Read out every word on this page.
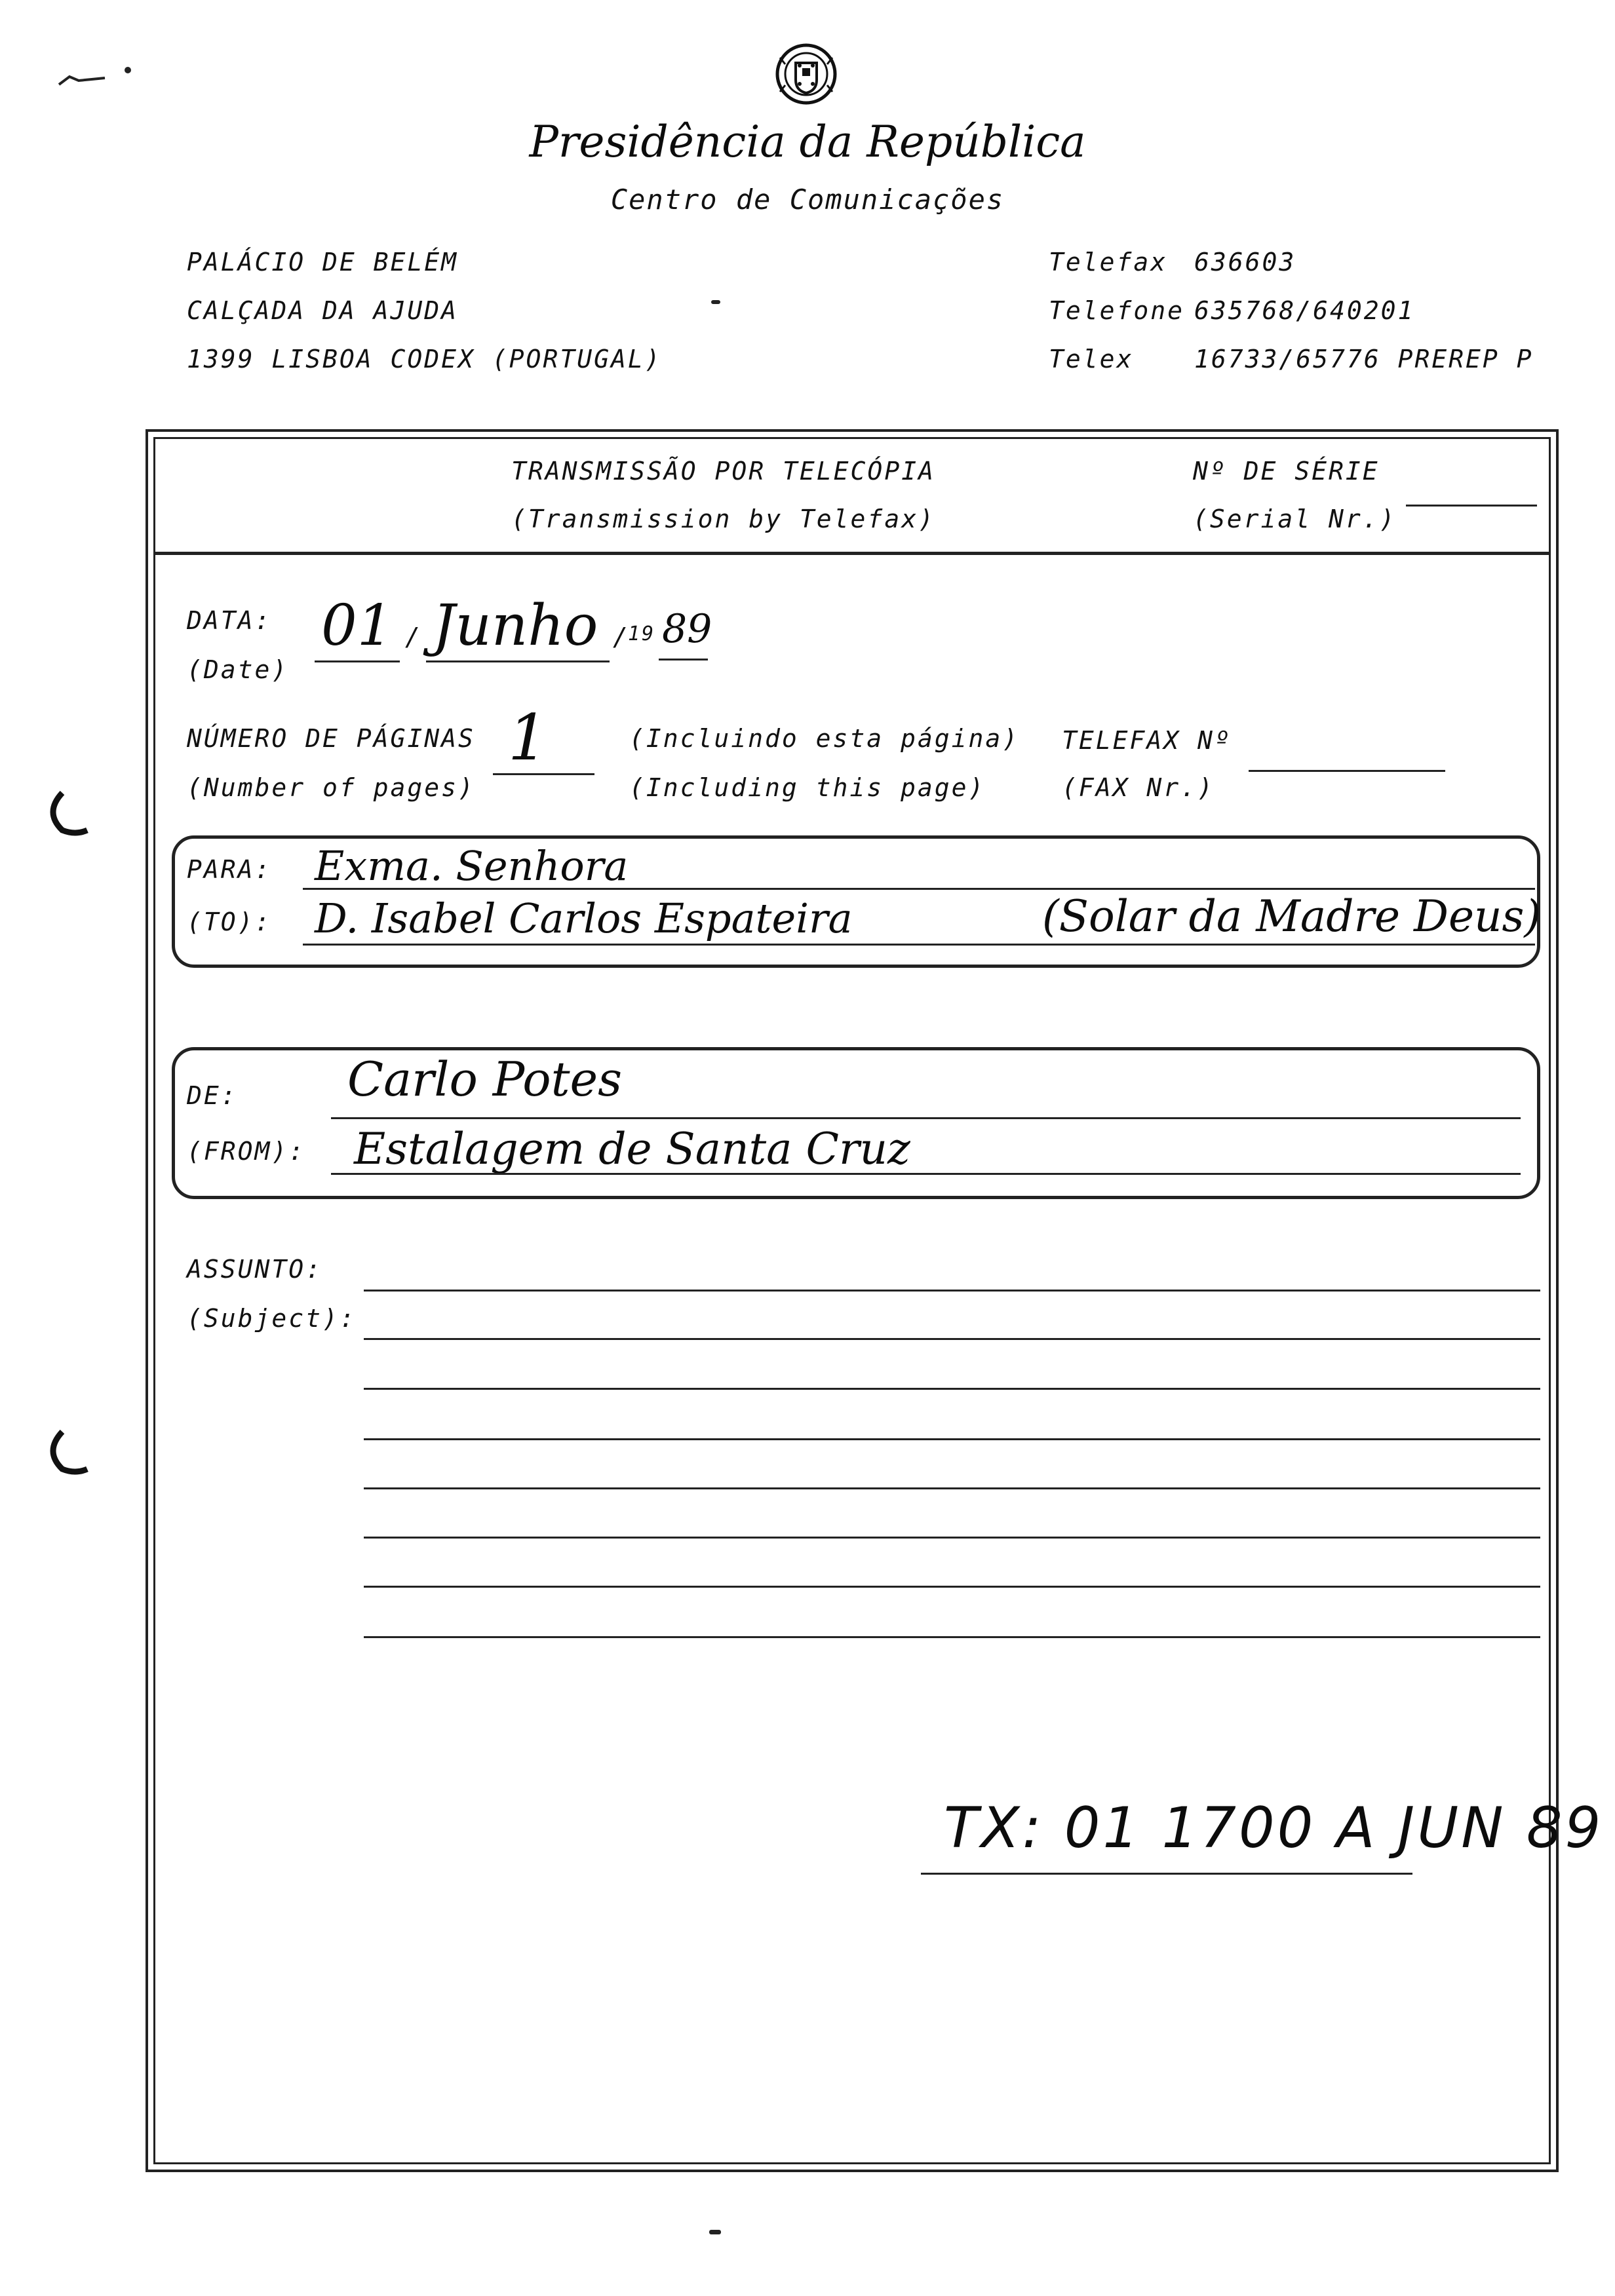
Presidência da República
Centro de Comunicações
PALÁCIO DE BELÉM
CALÇADA DA AJUDA
1399 LISBOA CODEX (PORTUGAL)
Telefax 636603
Telefone 635768/640201
Telex 16733/65776 PREREP P
TRANSMISSÃO POR TELECÓPIA
(Transmission by Telefax)
Nº DE SÉRIE
(Serial Nr.)
DATA:
(Date)
01 / Junho /
19 89
NÚMERO DE PÁGINAS
(Number of pages)
1	(Incluindo esta página)
(Including this page)
TELEFAX Nº
(FAX Nr.)
PARA:
(TO):
Exma. Senhora
D. Isabel Carlos Espateira	(Solar da Madre Deus)
DE:
(FROM):
Carlo Potes
Estalagem de Santa Cruz
ASSUNTO:
(Subject):
TX: 01 1700 A JUN 89
